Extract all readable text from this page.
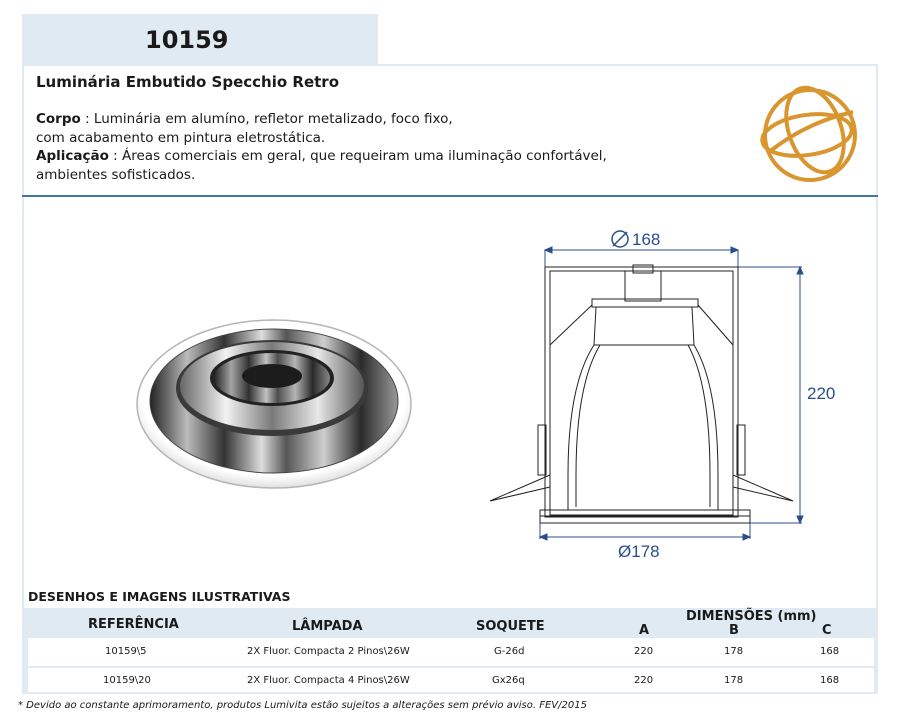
10159
Luminária Embutido Specchio Retro
Corpo : Luminária em alumíno, refletor metalizado, foco fixo,
com acabamento em pintura eletrostática.
Aplicação : Áreas comerciais em geral, que requeiram uma iluminação confortável,
ambientes sofisticados.
168
220
Ø178
DESENHOS E IMAGENS ILUSTRATIVAS
REFERÊNCIA	LÂMPADA	SOQUETE
DIMENSÕES (mm)
A	B	C
10159\5	2X Fluor. Compacta 2 Pinos\26W	G-26d	220	178	168
10159\20	2X Fluor. Compacta 4 Pinos\26W	Gx26q	220	178	168
* Devido ao constante aprimoramento, produtos Lumivita estão sujeitos a alterações sem prévio aviso. FEV/2015
